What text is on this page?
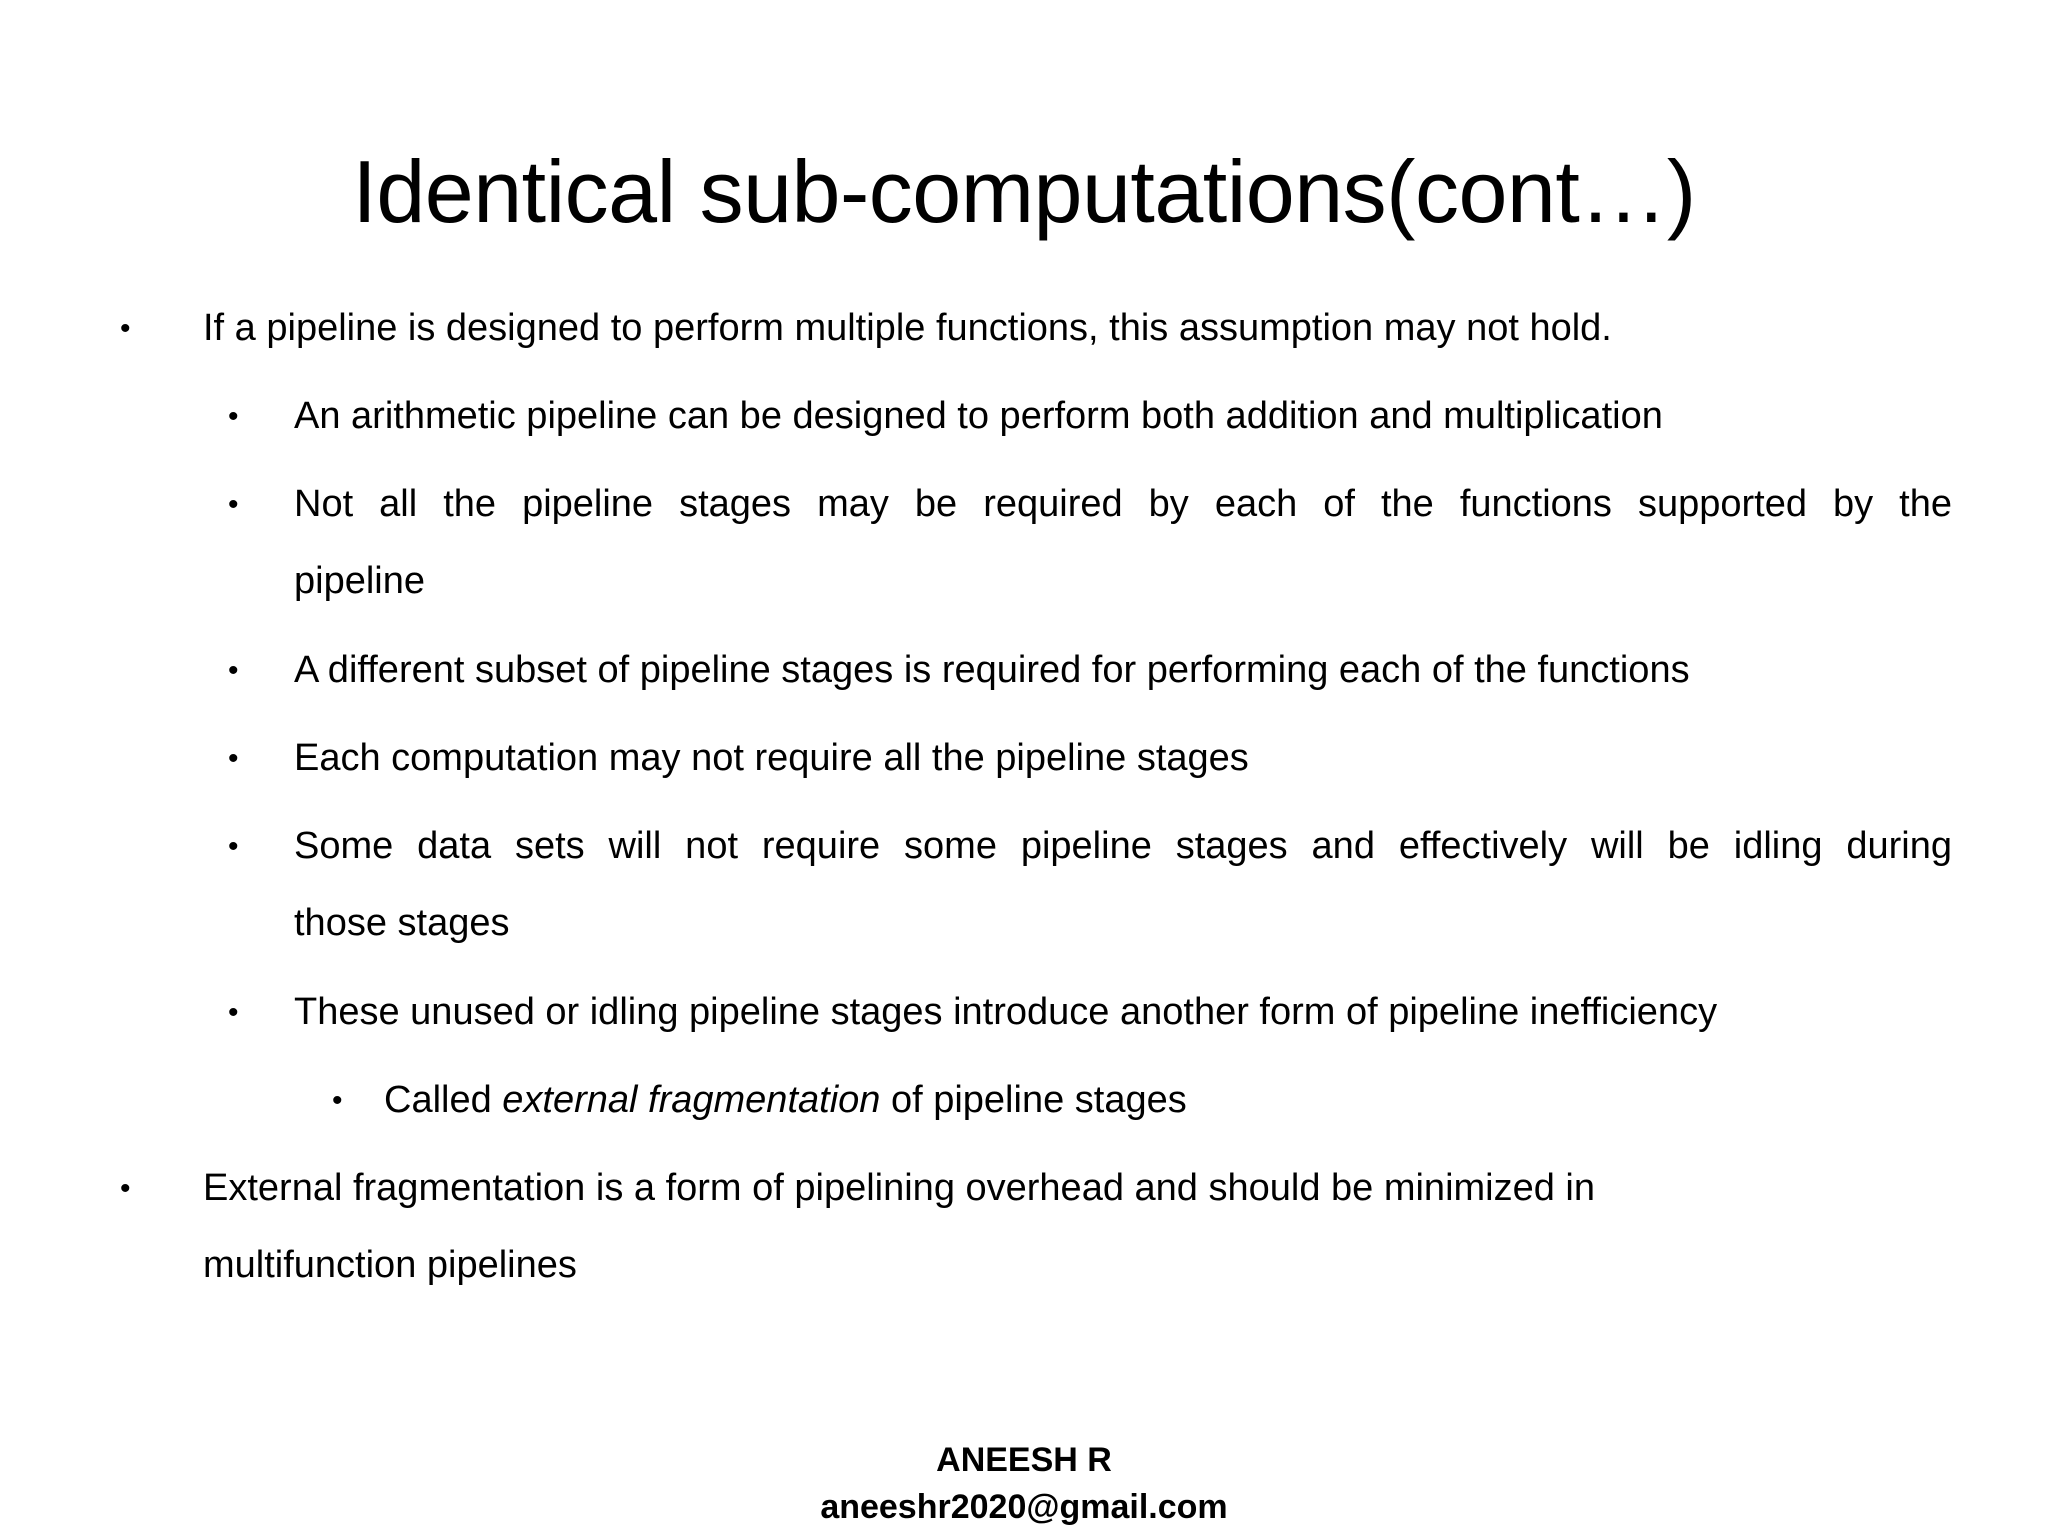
Identical sub-computations(cont…)
• If a pipeline is designed to perform multiple functions, this assumption may not hold.
• An arithmetic pipeline can be designed to perform both addition and multiplication
• Not all the pipeline stages may be required by each of the functions supported by the
pipeline
• A different subset of pipeline stages is required for performing each of the functions
• Each computation may not require all the pipeline stages
• Some data sets will not require some pipeline stages and effectively will be idling during
those stages
• These unused or idling pipeline stages introduce another form of pipeline inefficiency
• Called external fragmentation of pipeline stages
• External fragmentation is a form of pipelining overhead and should be minimized in
multifunction pipelines
ANEESH R
aneeshr2020@gmail.com
